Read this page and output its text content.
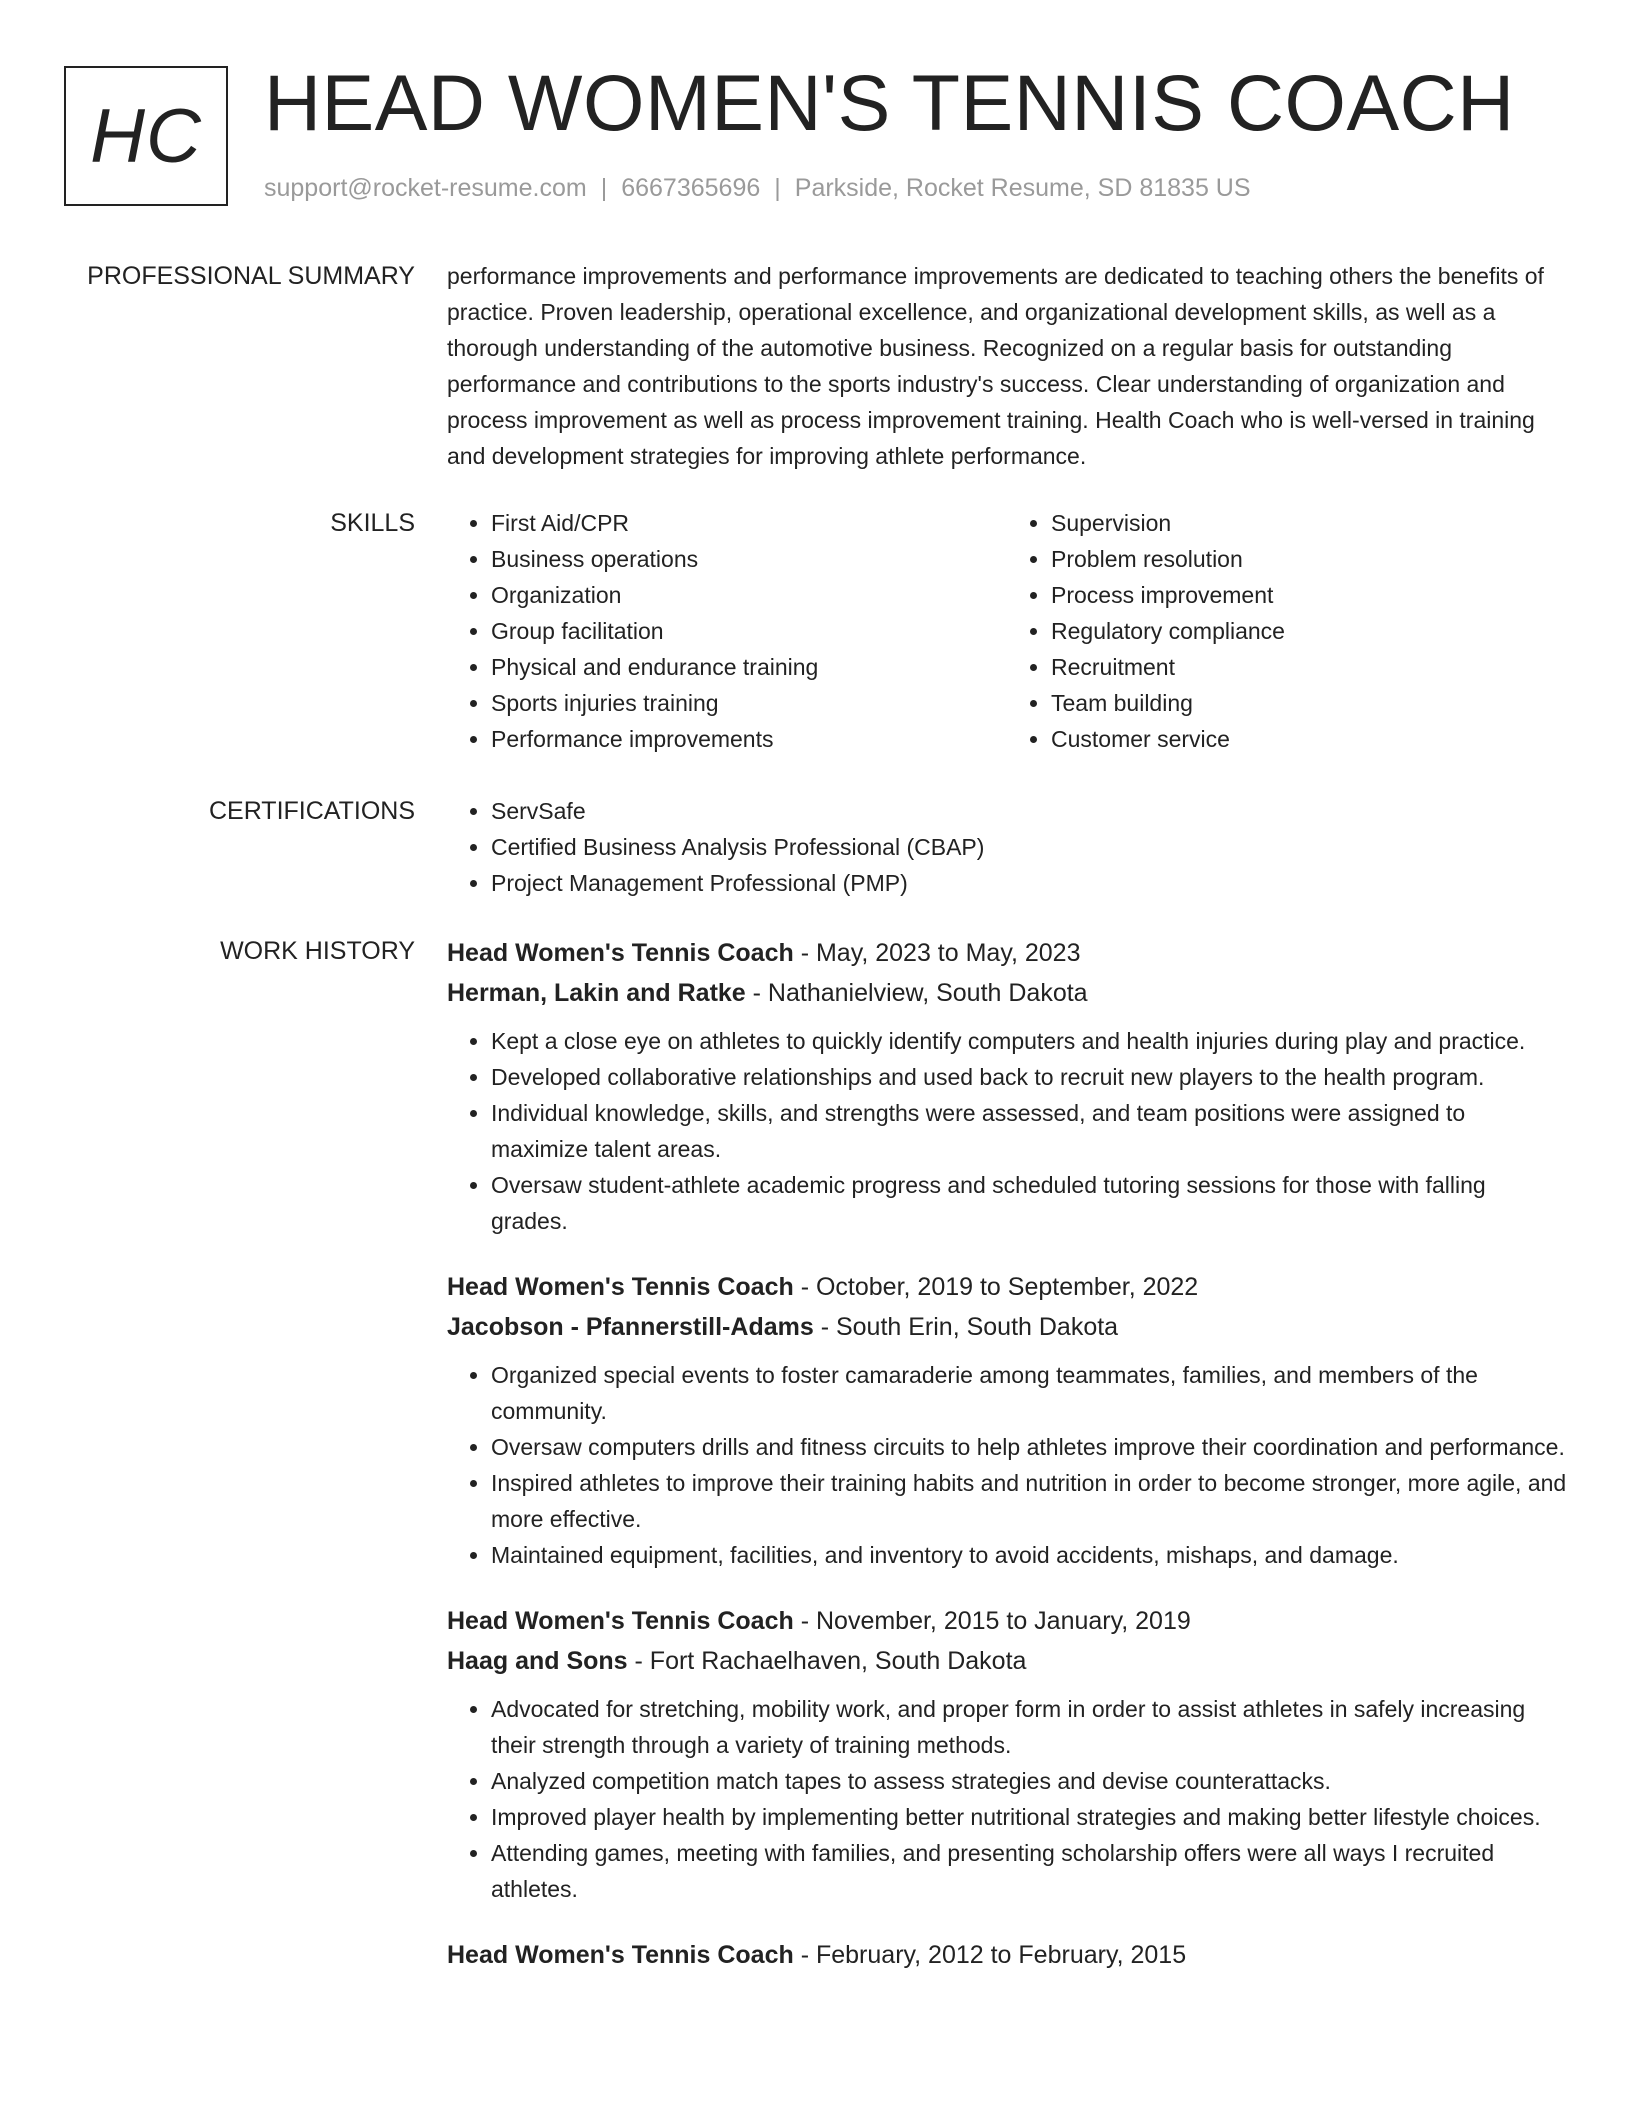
HC HEAD WOMEN'S TENNIS COACH
support@rocket-resume.com | 6667365696 | Parkside, Rocket Resume, SD 81835 US
PROFESSIONAL SUMMARY performance improvements and performance improvements are dedicated to teaching others the benefits of practice. Proven leadership, operational excellence, and organizational development skills, as well as a thorough understanding of the automotive business. Recognized on a regular basis for outstanding performance and contributions to the sports industry's success. Clear understanding of organization and process improvement as well as process improvement training. Health Coach who is well-versed in training and development strategies for improving athlete performance.

SKILLS	• First Aid/CPR
• Business operations
• Organization
• Group facilitation
• Physical and endurance training
• Sports injuries training
• Performance improvements
• Supervision
• Problem resolution
• Process improvement
• Regulatory compliance
• Recruitment
• Team building
• Customer service
CERTIFICATIONS	• ServSafe
• Certified Business Analysis Professional (CBAP)
• Project Management Professional (PMP)
WORK HISTORY Head Women's Tennis Coach - May, 2023 to May, 2023
Herman, Lakin and Ratke - Nathanielview, South Dakota
• Kept a close eye on athletes to quickly identify computers and health injuries during play and practice.
• Developed collaborative relationships and used back to recruit new players to the health program.
• Individual knowledge, skills, and strengths were assessed, and team positions were assigned to maximize talent areas.
• Oversaw student-athlete academic progress and scheduled tutoring sessions for those with falling grades.
Head Women's Tennis Coach - October, 2019 to September, 2022
Jacobson - Pfannerstill-Adams - South Erin, South Dakota
• Organized special events to foster camaraderie among teammates, families, and members of the community.
• Oversaw computers drills and fitness circuits to help athletes improve their coordination and performance.
• Inspired athletes to improve their training habits and nutrition in order to become stronger, more agile, and more effective.
• Maintained equipment, facilities, and inventory to avoid accidents, mishaps, and damage.
Head Women's Tennis Coach - November, 2015 to January, 2019
Haag and Sons - Fort Rachaelhaven, South Dakota
• Advocated for stretching, mobility work, and proper form in order to assist athletes in safely increasing their strength through a variety of training methods.
• Analyzed competition match tapes to assess strategies and devise counterattacks.
• Improved player health by implementing better nutritional strategies and making better lifestyle choices.
• Attending games, meeting with families, and presenting scholarship offers were all ways I recruited athletes.
Head Women's Tennis Coach - February, 2012 to February, 2015
